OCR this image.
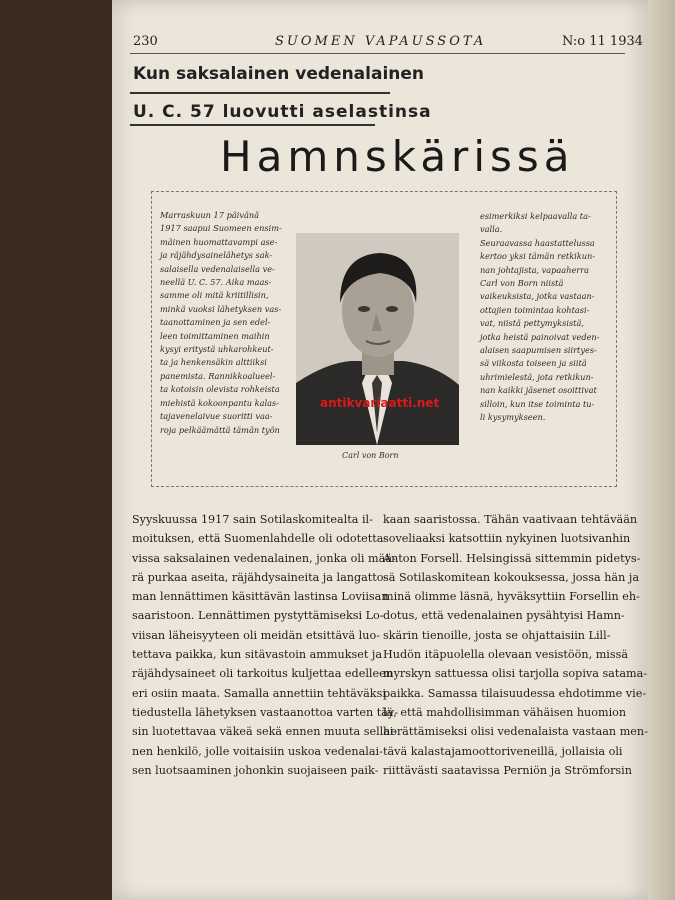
230	SUOMEN VAPAUSSOTA	N:o 11 1934
Kun saksalainen vedenalainen
U. C. 57 luovutti aselastinsa
Hamnskärissä
Marraskuun 17 päivänä
1917 saapui Suomeen ensim-
mäinen huomattavampi ase-
ja räjähdysainelähetys sak-
salaisella vedenalaisella ve-
neellä U. C. 57. Aika maas-
samme oli mitä kriitillisin,
minkä vuoksi lähetyksen vas-
taanottaminen ja sen edel-
leen toimittaminen maihin
kysyi eritystä uhkarohkeut-
ta ja henkensäkin alttiiksi
panemista. Rannikkoalueel-
ta kotoisin olevista rohkeista
miehistä kokoonpantu kalas-
tajavenelaivue suoritti vaa-
roja pelkäämättä tämän työn
esimerkiksi kelpaavalla ta-
valla.
Seuraavassa haastattelussa
kertoo yksi tämän retkikun-
nan johtajista, vapaaherra
Carl von Born niistä
vaikeuksista, jotka vastaan-
ottajien toimintaa kohtasi-
vat, niistä pettymyksistä,
jotka heistä painoivat veden-
alaisen saapumisen siirtyes-
sä viikosta toiseen ja siitä
uhrimielestä, jota retkikun-
nan kaikki jäsenet osoittivat
silloin, kun itse toiminta tu-
li kysymykseen.
Carl von Born
antikvariaatti.net
Syyskuussa 1917 sain Sotilaskomitealta il-
moituksen, että Suomenlahdelle oli odotetta-
vissa saksalainen vedenalainen, jonka oli mää-
rä purkaa aseita, räjähdysaineita ja langatto-
man lennättimen käsittävän lastinsa Loviisan
saaristoon. Lennättimen pystyttämiseksi Lo-
viisan läheisyyteen oli meidän etsittävä luo-
tettava paikka, kun sitävastoin ammukset ja
räjähdysaineet oli tarkoitus kuljettaa edelleen
eri osiin maata. Samalla annettiin tehtäväksi
tiedustella lähetyksen vastaanottoa varten täy-
sin luotettavaa väkeä sekä ennen muuta sellai-
nen henkilö, jolle voitaisiin uskoa vedenalai-
sen luotsaaminen johonkin suojaiseen paik-
kaan saaristossa. Tähän vaativaan tehtävään
soveliaaksi katsottiin nykyinen luotsivanhin
Anton Forsell. Helsingissä sittemmin pidetys-
sä Sotilaskomitean kokouksessa, jossa hän ja
minä olimme läsnä, hyväksyttiin Forsellin eh-
dotus, että vedenalainen pysähtyisi Hamn-
skärin tienoille, josta se ohjattaisiin Lill-
Hudön itäpuolella olevaan vesistöön, missä
myrskyn sattuessa olisi tarjolla sopiva satama-
paikka. Samassa tilaisuudessa ehdotimme vie-
lä, että mahdollisimman vähäisen huomion
herättämiseksi olisi vedenalaista vastaan men-
tävä kalastajamoottoriveneillä, jollaisia oli
riittävästi saatavissa Perniön ja Strömforsin
